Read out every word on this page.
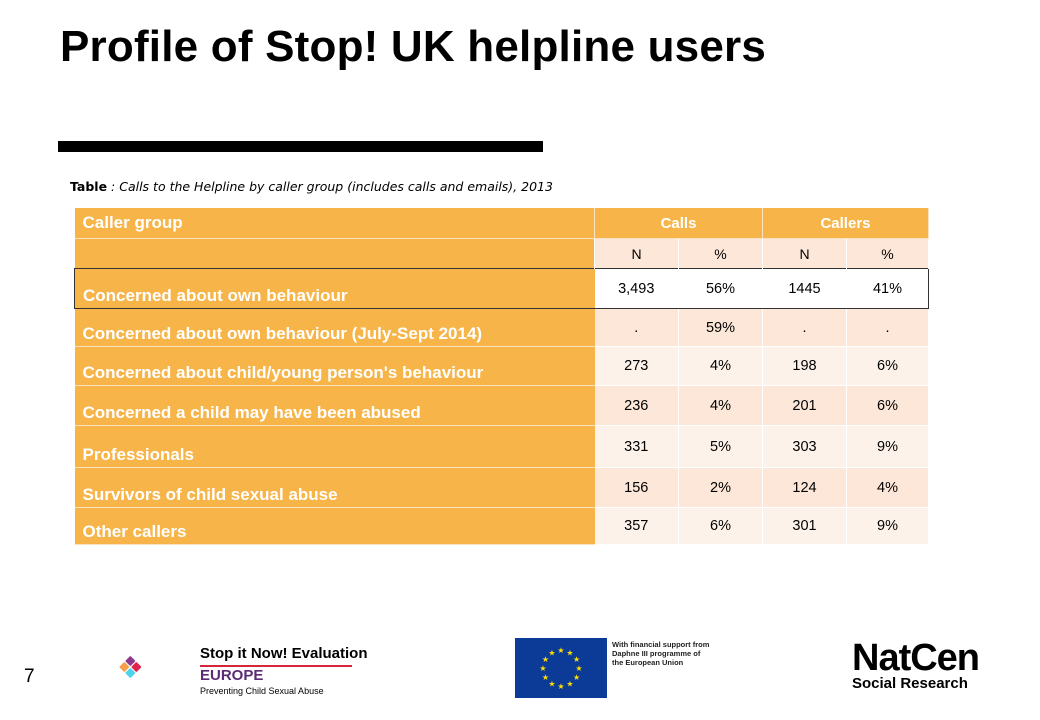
Profile of Stop! UK helpline users
Table : Calls to the Helpline by caller group (includes calls and emails), 2013
Caller group	Calls		Callers	
	N	%	N	%
Concerned about own behaviour	3,493	56%	1445	41%
Concerned about own behaviour (July-Sept 2014)	.	59%	.	.
Concerned about child/young person's behaviour	273	4%	198	6%
Concerned a child may have been abused	236	4%	201	6%
Professionals	331	5%	303	9%
Survivors of child sexual abuse	156	2%	124	4%
Other callers	357	6%	301	9%
7
Stop it Now! Evaluation
EUROPE
Preventing Child Sexual Abuse
★
★
★
★
★
★
★
★
★ ★ ★
★
With financial support from Daphne III programme of the European Union	NatCen
Social Research
